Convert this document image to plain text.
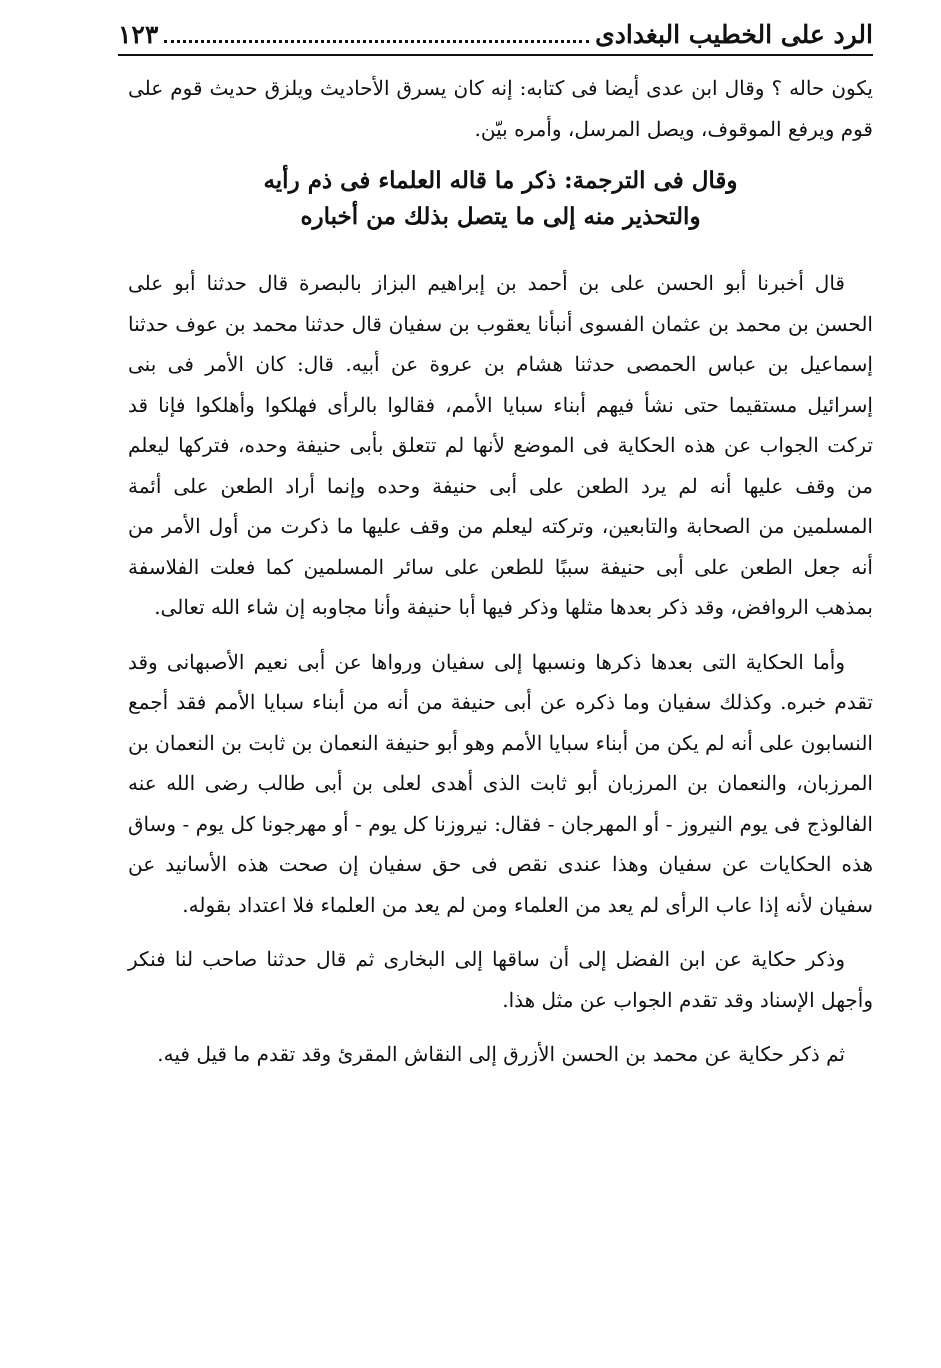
الرد على الخطيب البغدادى
١٢٣

يكون حاله ؟ وقال ابن عدى أيضا فى كتابه: إنه كان يسرق الأحاديث ويلزق حديث قوم على قوم ويرفع الموقوف، ويصل المرسل، وأمره بيّن.

وقال فى الترجمة: ذكر ما قاله العلماء فى ذم رأيه
والتحذير منه إلى ما يتصل بذلك من أخباره

قال أخبرنا أبو الحسن على بن أحمد بن إبراهيم البزاز بالبصرة قال حدثنا أبو على الحسن بن محمد بن عثمان الفسوى أنبأنا يعقوب بن سفيان قال حدثنا محمد بن عوف حدثنا إسماعيل بن عباس الحمصى حدثنا هشام بن عروة عن أبيه. قال: كان الأمر فى بنى إسرائيل مستقيما حتى نشأ فيهم أبناء سبايا الأمم، فقالوا بالرأى فهلكوا وأهلكوا فإنا قد تركت الجواب عن هذه الحكاية فى الموضع لأنها لم تتعلق بأبى حنيفة وحده، فتركها ليعلم من وقف عليها أنه لم يرد الطعن على أبى حنيفة وحده وإنما أراد الطعن على أئمة المسلمين من الصحابة والتابعين، وتركته ليعلم من وقف عليها ما ذكرت من أول الأمر من أنه جعل الطعن على أبى حنيفة سببًا للطعن على سائر المسلمين كما فعلت الفلاسفة بمذهب الروافض، وقد ذكر بعدها مثلها وذكر فيها أبا حنيفة وأنا مجاوبه إن شاء الله تعالى.

وأما الحكاية التى بعدها ذكرها ونسبها إلى سفيان ورواها عن أبى نعيم الأصبهانى وقد تقدم خبره. وكذلك سفيان وما ذكره عن أبى حنيفة من أنه من أبناء سبايا الأمم فقد أجمع النسابون على أنه لم يكن من أبناء سبايا الأمم وهو أبو حنيفة النعمان بن ثابت بن النعمان بن المرزبان، والنعمان بن المرزبان أبو ثابت الذى أهدى لعلى بن أبى طالب رضى الله عنه الفالوذج فى يوم النيروز - أو المهرجان - فقال: نيروزنا كل يوم - أو مهرجونا كل يوم - وساق هذه الحكايات عن سفيان وهذا عندى نقص فى حق سفيان إن صحت هذه الأسانيد عن سفيان لأنه إذا عاب الرأى لم يعد من العلماء ومن لم يعد من العلماء فلا اعتداد بقوله.

وذكر حكاية عن ابن الفضل إلى أن ساقها إلى البخارى ثم قال حدثنا صاحب لنا فنكر وأجهل الإسناد وقد تقدم الجواب عن مثل هذا.

ثم ذكر حكاية عن محمد بن الحسن الأزرق إلى النقاش المقرئ وقد تقدم ما قيل فيه.
